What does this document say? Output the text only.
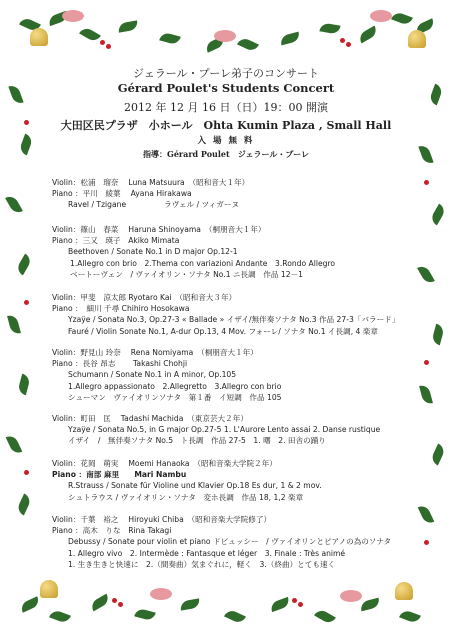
ジェラール・プーレ弟子のコンサート
Gérard Poulet's Students Concert
2012 年 12 月 16 日（日）19：00 開演
大田区民プラザ　小ホール　Ohta Kumin Plaza , Small Hall
入 場 無 料
指導：Gérard Poulet　ジェラール・プーレ
Violin：松浦　瑠奈　 Luna Matsuura　（昭和音大１年）
Piano ：平川　綾葉　 Ayana Hirakawa
Ravel / Tzigane　　　　　ラヴェル / ツィガーヌ
Violin：篠山　春菜　 Haruna Shinoyama　（桐朋音大１年）
Piano ：三又　瑛子　Akiko Mimata
Beethoven / Sonate No.1 in D major Op.12-1
1.Allegro con brio　2.Thema con variazioni Andante　3.Rondo Allegro
ベートーヴェン　/ ヴァイオリン・ソナタ No.1 ニ長調　作品 12－1
Violin：甲斐　涼太郎 Ryotaro Kai　（昭和音大３年）
Piano ：　細川 千尋 Chihiro Hosokawa
Yzaÿe / Sonata No.3, Op.27-3 « Ballade » イザイ/無伴奏ソナタ No.3 作品 27-3「バラード」
Fauré / Violin Sonate No.1, A-dur Op.13, 4 Mov. フォーレ/ ソナタ No.1 イ長調, 4 楽章
Violin：野見山 玲奈　 Rena Nomiyama　（桐朋音大１年）
Piano ：長谷 昂志　　 Takashi Chohji
Schumann / Sonate No.1 in A minor, Op.105
1.Allegro appassionato　2.Allegretto　3.Allegro con brio
シューマン　ヴァイオリンソナタ　第１番　イ短調　作品 105
Violin：町田　匡　 Tadashi Machida　（東京芸大２年）
Yzaÿe / Sonata No.5, in G major Op.27-5 1. L'Aurore Lento assai 2. Danse rustique
イザイ　/　無伴奏ソナタ No.5　ト長調　作品 27-5　1. 曙　2. 田舎の踊り
Violin：花岡　萌実　 Moemi Hanaoka　（昭和音楽大学院２年）
Piano ：南部 麻里　　Mari Nambu
R.Strauss / Sonate für Violine und Klavier Op.18 Es dur, 1 & 2 mov.
シュトラウス / ヴァイオリン・ソナタ　変ホ長調　作品 18, 1,2 楽章
Violin：千葉　裕之　 Hiroyuki Chiba　（昭和音楽大学院修了）
Piano ：高木　りな　Rina Takagi
Debussy / Sonate pour violin et piano ドビュッシー　/ ヴァイオリンとピアノの為のソナタ
1. Allegro vivo　2. Intermède : Fantasque et léger　3. Finale : Très animé
1. 生き生きと快速に　2.（間奏曲）気まぐれに，軽く　3.（終曲）とても速く
